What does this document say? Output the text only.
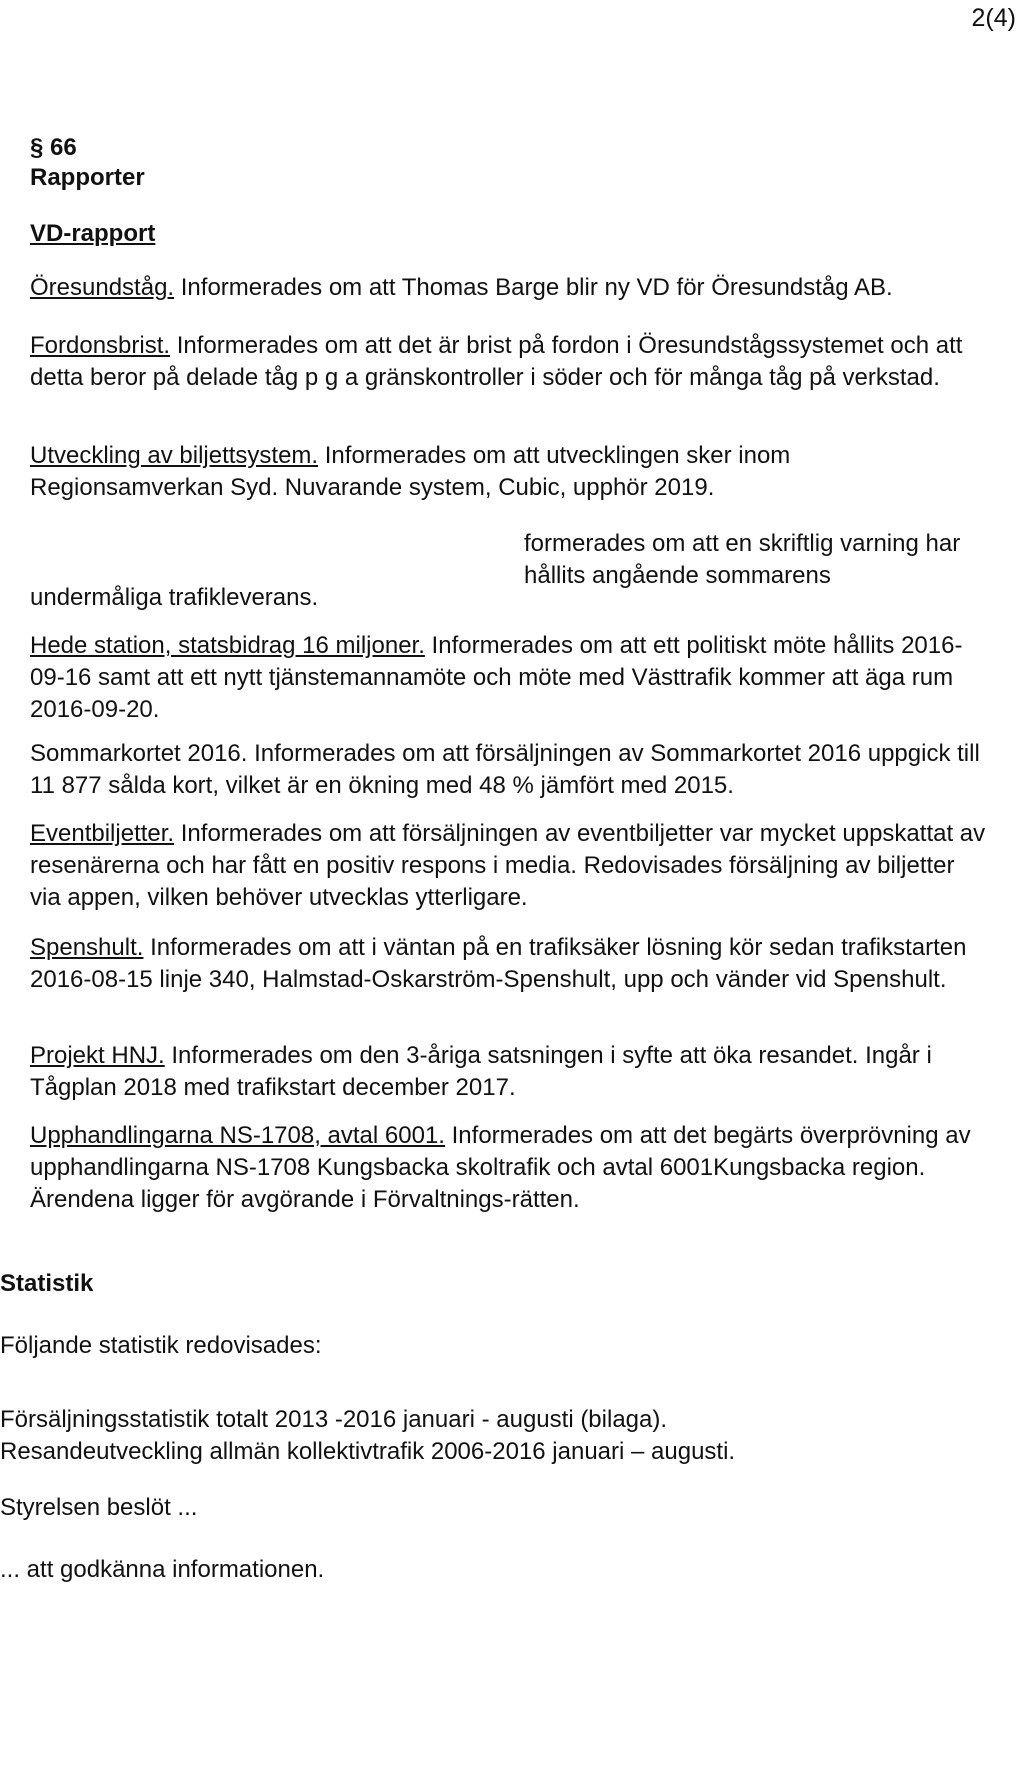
2(4)
§ 66
Rapporter
VD-rapport

Öresundståg. Informerades om att Thomas Barge blir ny VD för Öresundståg AB.

Fordonsbrist. Informerades om att det är brist på fordon i Öresundstågssystemet och att detta beror på delade tåg p g a gränskontroller i söder och för många tåg på verkstad.

Utveckling av biljettsystem. Informerades om att utvecklingen sker inom Regionsamverkan Syd. Nuvarande system, Cubic, upphör 2019.

formerades om att en skriftlig varning har hållits angående sommarens
undermåliga trafikleverans.

Hede station, statsbidrag 16 miljoner. Informerades om att ett politiskt möte hållits 2016-09-16 samt att ett nytt tjänstemannamöte och möte med Västtrafik kommer att äga rum 2016-09-20.

Sommarkortet 2016. Informerades om att försäljningen av Sommarkortet 2016 uppgick till 11 877 sålda kort, vilket är en ökning med 48 % jämfört med 2015.

Eventbiljetter. Informerades om att försäljningen av eventbiljetter var mycket uppskattat av resenärerna och har fått en positiv respons i media. Redovisades försäljning av biljetter via appen, vilken behöver utvecklas ytterligare.

Spenshult. Informerades om att i väntan på en trafiksäker lösning kör sedan trafikstarten 2016-08-15 linje 340, Halmstad-Oskarström-Spenshult, upp och vänder vid Spenshult.

Projekt HNJ. Informerades om den 3-åriga satsningen i syfte att öka resandet. Ingår i Tågplan 2018 med trafikstart december 2017.

Upphandlingarna NS-1708, avtal 6001. Informerades om att det begärts överprövning av upphandlingarna NS-1708 Kungsbacka skoltrafik och avtal 6001Kungsbacka region. Ärendena ligger för avgörande i Förvaltnings-rätten.

Statistik
Följande statistik redovisades:
Försäljningsstatistik totalt 2013 -2016 januari - augusti (bilaga).
Resandeutveckling allmän kollektivtrafik 2006-2016 januari – augusti.
Styrelsen beslöt ...
... att godkänna informationen.
